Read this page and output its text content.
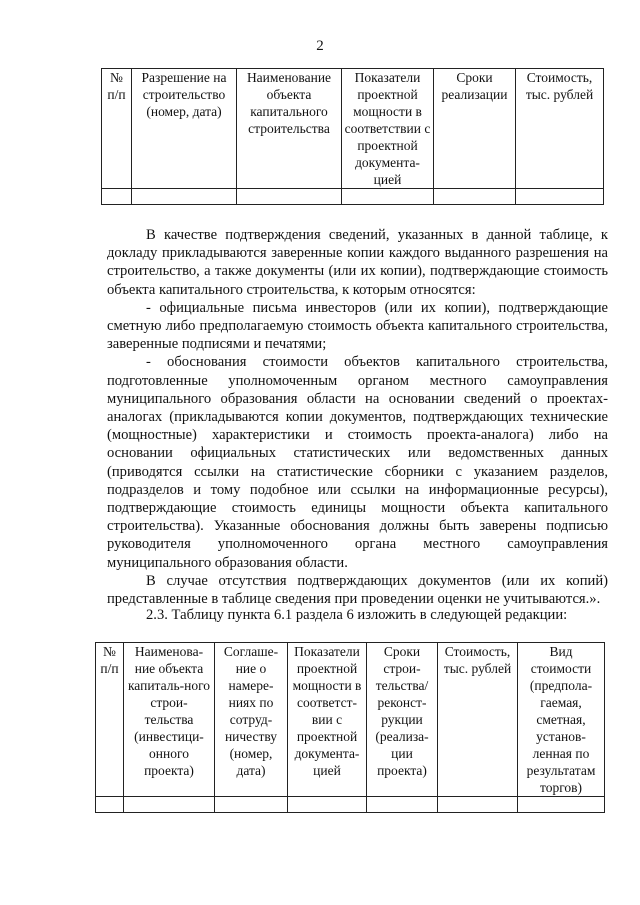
2
№ п/п	Разрешение на строительство (номер, дата)	Наименование объекта капитального строительства	Показатели проектной мощности в соответствии с проектной документа-цией	Сроки реализации	Стоимость, тыс. рублей

В качестве подтверждения сведений, указанных в данной таблице, к докладу прикладываются заверенные копии каждого выданного разрешения на строительство, а также документы (или их копии), подтверждающие стоимость объекта капитального строительства, к которым относятся:

- официальные письма инвесторов (или их копии), подтверждающие сметную либо предполагаемую стоимость объекта капитального строительства, заверенные подписями и печатями;

- обоснования стоимости объектов капитального строительства, подготовленные уполномоченным органом местного самоуправления муниципального образования области на основании сведений о проектах-аналогах (прикладываются копии документов, подтверждающих технические (мощностные) характеристики и стоимость проекта-аналога) либо на основании официальных статистических или ведомственных данных (приводятся ссылки на статистические сборники с указанием разделов, подразделов и тому подобное или ссылки на информационные ресурсы), подтверждающие стоимость единицы мощности объекта капитального строительства). Указанные обоснования должны быть заверены подписью руководителя уполномоченного органа местного самоуправления муниципального образования области.

В случае отсутствия подтверждающих документов (или их копий) представленные в таблице сведения при проведении оценки не учитываются.».

2.3. Таблицу пункта 6.1 раздела 6 изложить в следующей редакции:
№ п/п	Наименова-ние объекта капиталь-ного строи-тельства (инвестици-онного проекта)	Соглаше-ние о намере-ниях по сотруд-ничеству (номер, дата)	Показатели проектной мощности в соответст-вии с проектной документа-цией	Сроки строи-тельства/ реконст-рукции (реализа-ции проекта)	Стоимость, тыс. рублей	Вид стоимости (предпола-гаемая, сметная, установ-ленная по результатам торгов)
